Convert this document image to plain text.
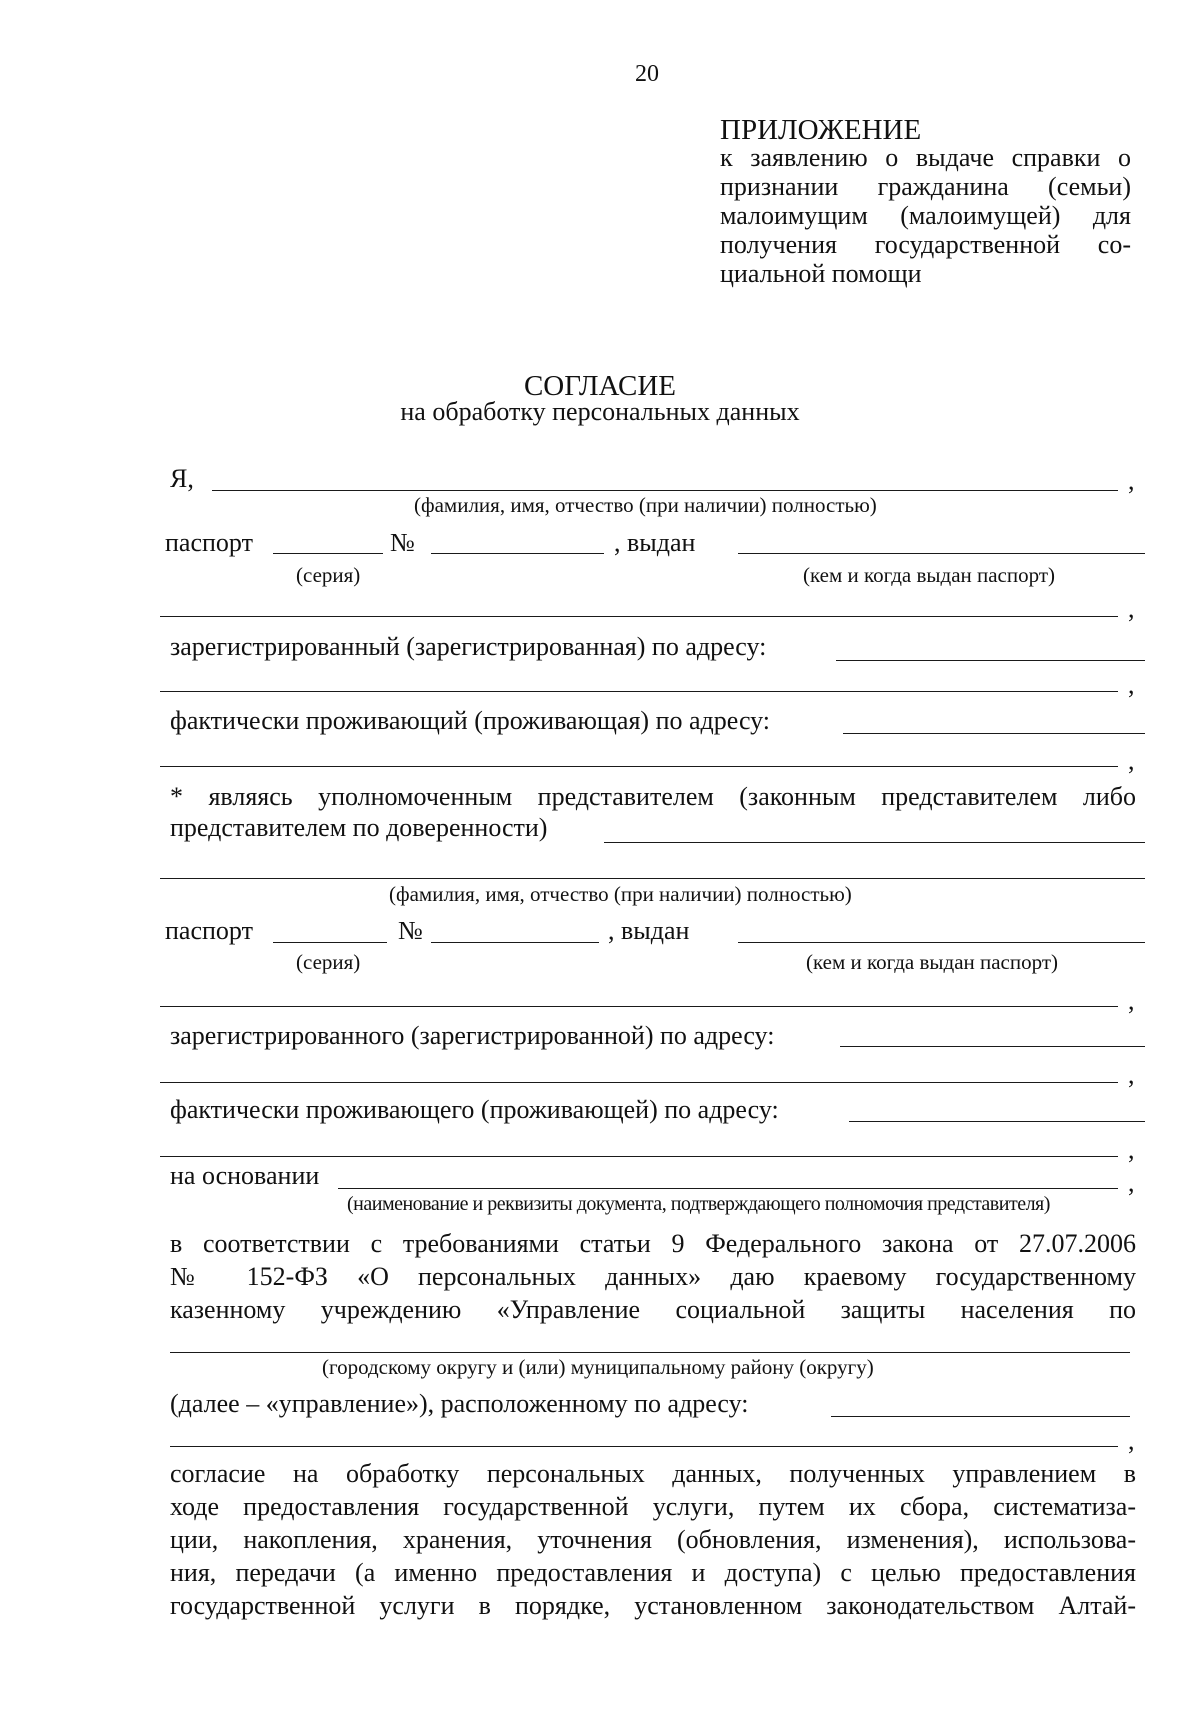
20
ПРИЛОЖЕНИЕ
к заявлению о выдаче справки о
признании гражданина (семьи)
малоимущим (малоимущей) для
получения государственной со-
циальной помощи
СОГЛАСИЕ
на обработку персональных данных
Я,	,
(фамилия, имя, отчество (при наличии) полностью)
паспорт	№	, выдан
(серия)	(кем и когда выдан паспорт)
,
зарегистрированный (зарегистрированная) по адресу:
,
фактически проживающий (проживающая) по адресу:
,
* являясь уполномоченным представителем (законным представителем либо
представителем по доверенности)
(фамилия, имя, отчество (при наличии) полностью)
паспорт	№	, выдан
(серия)	(кем и когда выдан паспорт)
,
зарегистрированного (зарегистрированной) по адресу:
,
фактически проживающего (проживающей) по адресу:
,
на основании	,
(наименование и реквизиты документа, подтверждающего полномочия представителя)
в соответствии с требованиями статьи 9 Федерального закона от 27.07.2006
№ 152-ФЗ «О персональных данных» даю краевому государственному
казенному учреждению «Управление социальной защиты населения по
(городскому округу и (или) муниципальному району (округу)
(далее – «управление»), расположенному по адресу:
,
согласие на обработку персональных данных, полученных управлением в
ходе предоставления государственной услуги, путем их сбора, систематиза-
ции, накопления, хранения, уточнения (обновления, изменения), использова-
ния, передачи (а именно предоставления и доступа) с целью предоставления
государственной услуги в порядке, установленном законодательством Алтай-
